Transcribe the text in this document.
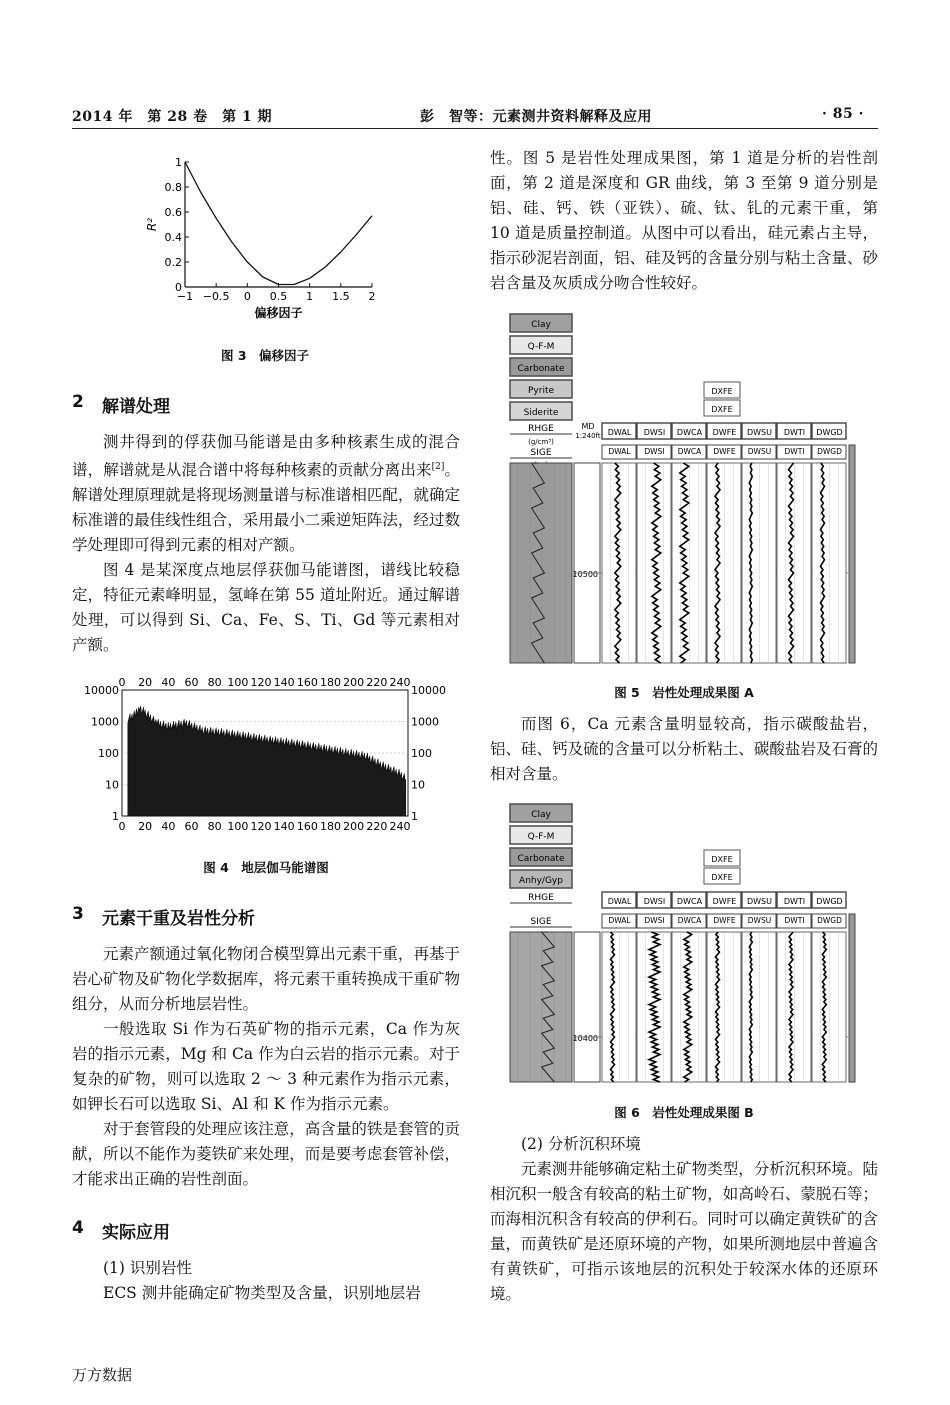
2014 年　第 28 卷　第 1 期	彭　智等：元素测井资料解释及应用	· 85 ·
−1 −0.5 0 0.5 1 1.5 2
0
0.2
0.4
0.6
0.8
1
偏移因子
R²
图 3　偏移因子
2 解谱处理

测井得到的俘获伽马能谱是由多种核素生成的混合谱，解谱就是从混合谱中将每种核素的贡献分离出来[2]。解谱处理原理就是将现场测量谱与标准谱相匹配，就确定标准谱的最佳线性组合，采用最小二乘逆矩阵法，经过数学处理即可得到元素的相对产额。

图 4 是某深度点地层俘获伽马能谱图，谱线比较稳定，特征元素峰明显，氢峰在第 55 道址附近。通过解谱处理，可以得到 Si、Ca、Fe、S、Ti、Gd 等元素相对产额。

0
0
20
20
40
40
60
60
80
80
100
100
120
120
140
140
160
160
180
180
200
200
220
220
240
240
1	1
10	10
100	100
1000	1000
10000	10000
图 4　地层伽马能谱图
3 元素干重及岩性分析

元素产额通过氧化物闭合模型算出元素干重，再基于岩心矿物及矿物化学数据库，将元素干重转换成干重矿物组分，从而分析地层岩性。

一般选取 Si 作为石英矿物的指示元素，Ca 作为灰岩的指示元素，Mg 和 Ca 作为白云岩的指示元素。对于复杂的矿物，则可以选取 2 ～ 3 种元素作为指示元素，如钾长石可以选取 Si、Al 和 K 作为指示元素。

对于套管段的处理应该注意，高含量的铁是套管的贡献，所以不能作为菱铁矿来处理，而是要考虑套管补偿，才能求出正确的岩性剖面。

4 实际应用

(1) 识别岩性

ECS 测井能确定矿物类型及含量，识别地层岩

性。图 5 是岩性处理成果图，第 1 道是分析的岩性剖面，第 2 道是深度和 GR 曲线，第 3 至第 9 道分别是铝、硅、钙、铁（亚铁）、硫、钛、钆的元素干重，第 10 道是质量控制道。从图中可以看出，硅元素占主导，指示砂泥岩剖面，铝、硅及钙的含量分别与粘土含量、砂岩含量及灰质成分吻合性较好。

Clay
Q-F-M
Carbonate
Pyrite
Siderite
RHGE
SIGE
(g/cm³)
MD
1:240ft
DXFE
DXFE
DWAL
DWAL
DWSI
DWSI
DWCA
DWCA
DWFE
DWFE
DWSU
DWSU
DWTI
DWTI
DWGD
DWGD
10500
图 5　岩性处理成果图 A

而图 6，Ca 元素含量明显较高，指示碳酸盐岩，铝、硅、钙及硫的含量可以分析粘土、碳酸盐岩及石膏的相对含量。

Clay
Q-F-M
Carbonate
Anhy/Gyp
RHGE
SIGE
DXFE
DXFE
DWAL
DWAL
DWSI
DWSI
DWCA
DWCA
DWFE
DWFE
DWSU
DWSU
DWTI
DWTI
DWGD
DWGD
10400
图 6　岩性处理成果图 B

(2) 分析沉积环境

元素测井能够确定粘土矿物类型，分析沉积环境。陆相沉积一般含有较高的粘土矿物，如高岭石、蒙脱石等；而海相沉积含有较高的伊利石。同时可以确定黄铁矿的含量，而黄铁矿是还原环境的产物，如果所测地层中普遍含有黄铁矿，可指示该地层的沉积处于较深水体的还原环境。

万方数据
